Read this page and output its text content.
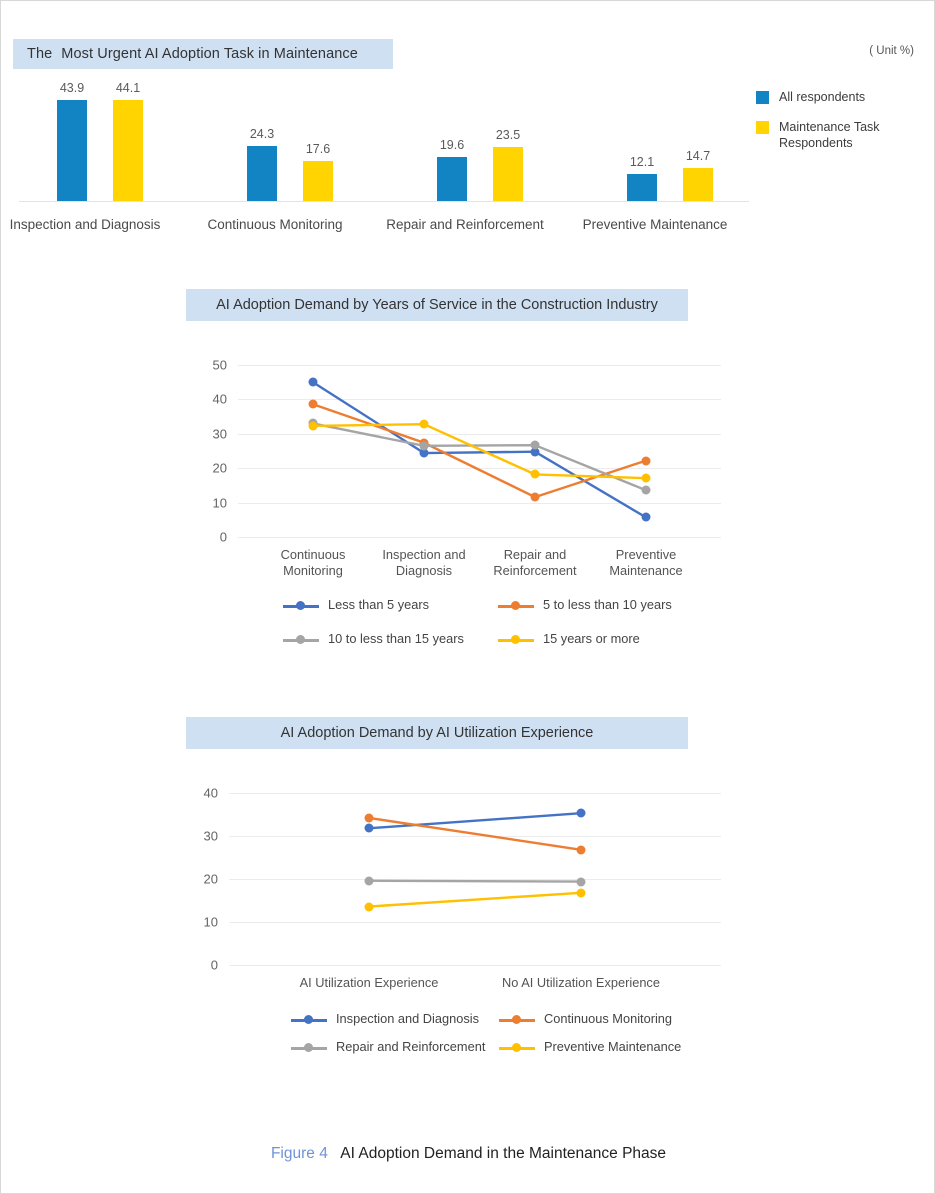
The Most Urgent AI Adoption Task in Maintenance	( Unit %)
43.9	44.1
24.3
17.6	19.6
23.5
12.1	14.7
Inspection and Diagnosis	Continuous Monitoring	Repair and Reinforcement	Preventive Maintenance
All respondents
Maintenance Task Respondents
AI Adoption Demand by Years of Service in the Construction Industry
0
10
20
30
40
50
Less than 5 years	5 to less than 10 years
10 to less than 15 years	15 years or more
Continuous Monitoring
Inspection and Diagnosis
Repair and Reinforcement
Preventive Maintenance
AI Adoption Demand by AI Utilization Experience
0
10
20
30
40
Inspection and Diagnosis	Continuous Monitoring
Repair and Reinforcement	Preventive Maintenance
AI Utilization Experience	No AI Utilization Experience
Figure 4 AI Adoption Demand in the Maintenance Phase
